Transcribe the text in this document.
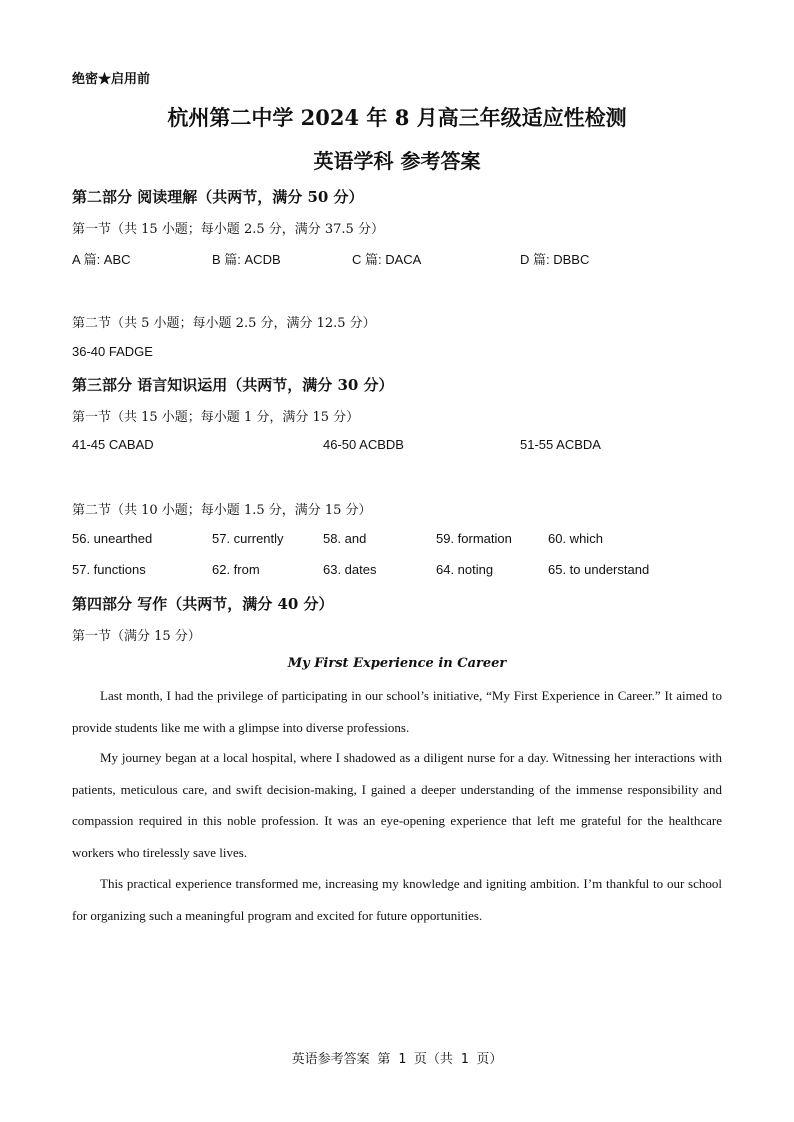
绝密★启用前
杭州第二中学 2024 年 8 月高三年级适应性检测
英语学科 参考答案
第二部分 阅读理解（共两节，满分 50 分）
第一节（共 15 小题；每小题 2.5 分，满分 37.5 分）
A 篇: ABC	B 篇: ACDB	C 篇: DACA	D 篇: DBBC
第二节（共 5 小题；每小题 2.5 分，满分 12.5 分）
36-40 FADGE
第三部分 语言知识运用（共两节，满分 30 分）
第一节（共 15 小题；每小题 1 分，满分 15 分）
41-45 CABAD	46-50 ACBDB	51-55 ACBDA
第二节（共 10 小题；每小题 1.5 分，满分 15 分）
56. unearthed	57. currently	58. and	59. formation	60. which
57. functions	62. from	63. dates	64. noting	65. to understand
第四部分 写作（共两节，满分 40 分）
第一节（满分 15 分）
My First Experience in Career

Last month, I had the privilege of participating in our school’s initiative, “My First Experience in Career.” It aimed to provide students like me with a glimpse into diverse professions.

My journey began at a local hospital, where I shadowed as a diligent nurse for a day. Witnessing her interactions with patients, meticulous care, and swift decision-making, I gained a deeper understanding of the immense responsibility and compassion required in this noble profession. It was an eye-opening experience that left me grateful for the healthcare workers who tirelessly save lives.

This practical experience transformed me, increasing my knowledge and igniting ambition. I’m thankful to our school for organizing such a meaningful program and excited for future opportunities.

英语参考答案 第 1 页（共 1 页）
